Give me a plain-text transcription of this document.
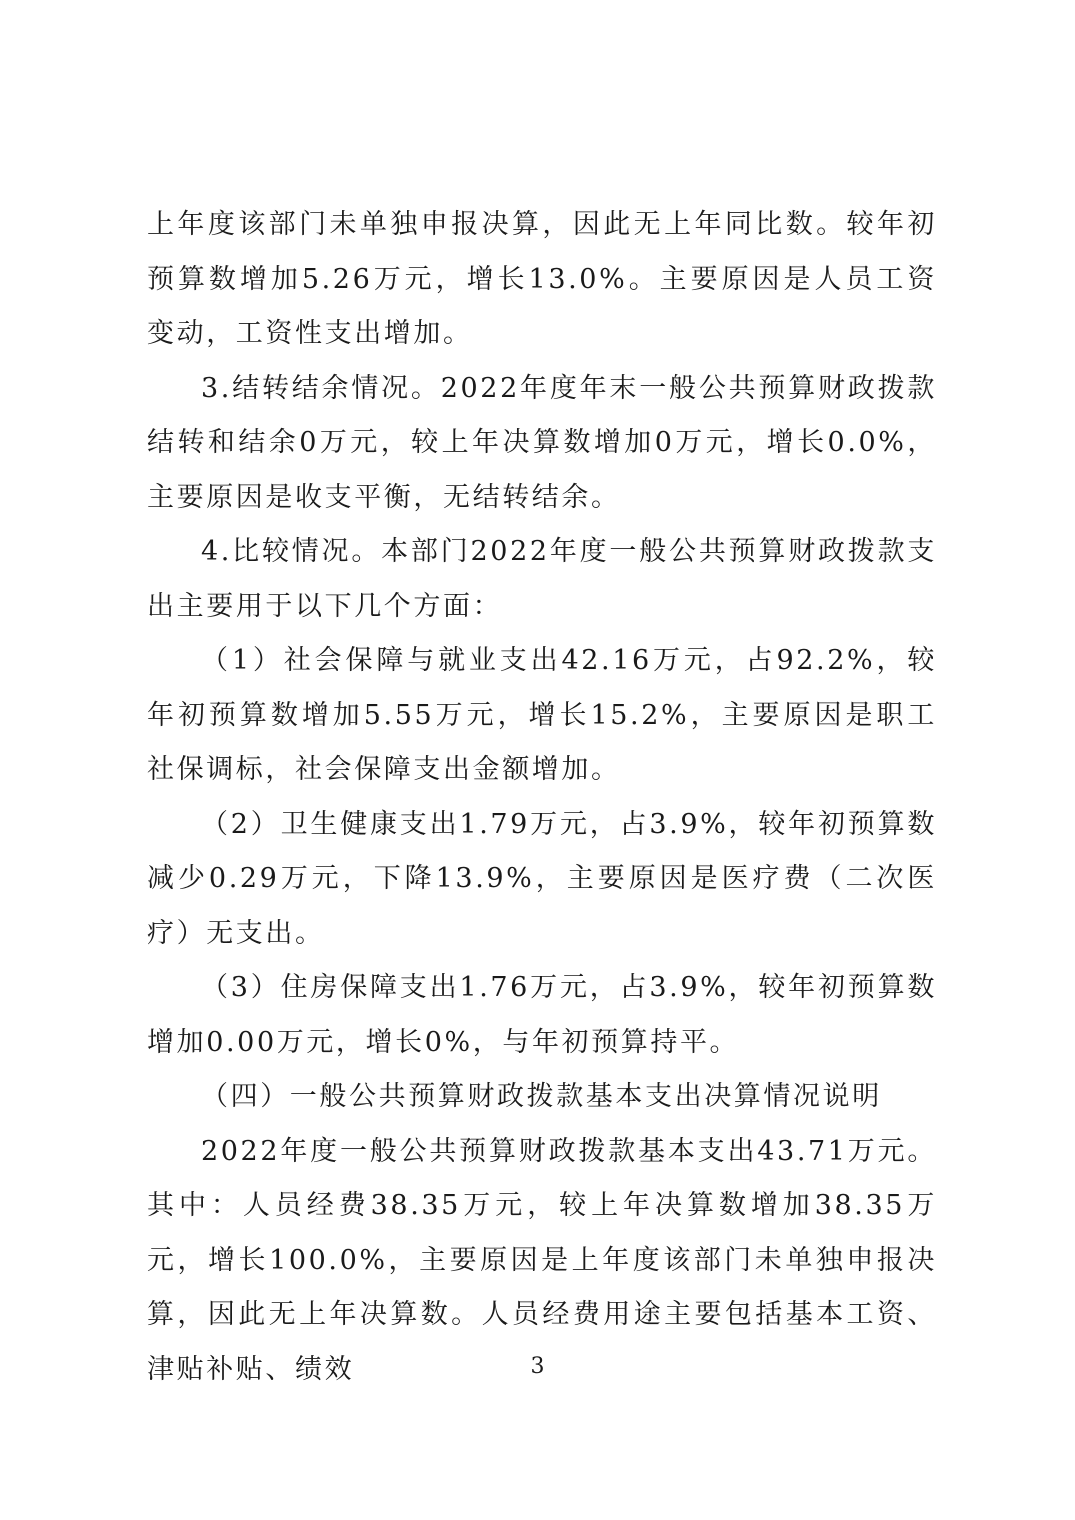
上年度该部门未单独申报决算，因此无上年同比数。较年初预算数增加5.26万元，增长13.0%。主要原因是人员工资变动，工资性支出增加。

3.结转结余情况。2022年度年末一般公共预算财政拨款结转和结余0万元，较上年决算数增加0万元，增长0.0%，主要原因是收支平衡，无结转结余。

4.比较情况。本部门2022年度一般公共预算财政拨款支出主要用于以下几个方面：

（1）社会保障与就业支出42.16万元，占92.2%，较年初预算数增加5.55万元，增长15.2%，主要原因是职工社保调标，社会保障支出金额增加。

（2）卫生健康支出1.79万元，占3.9%，较年初预算数减少0.29万元，下降13.9%，主要原因是医疗费（二次医疗）无支出。

（3）住房保障支出1.76万元，占3.9%，较年初预算数增加0.00万元，增长0%，与年初预算持平。

（四）一般公共预算财政拨款基本支出决算情况说明

2022年度一般公共预算财政拨款基本支出43.71万元。其中：人员经费38.35万元，较上年决算数增加38.35万元，增长100.0%，主要原因是上年度该部门未单独申报决算，因此无上年决算数。人员经费用途主要包括基本工资、津贴补贴、绩效	3
